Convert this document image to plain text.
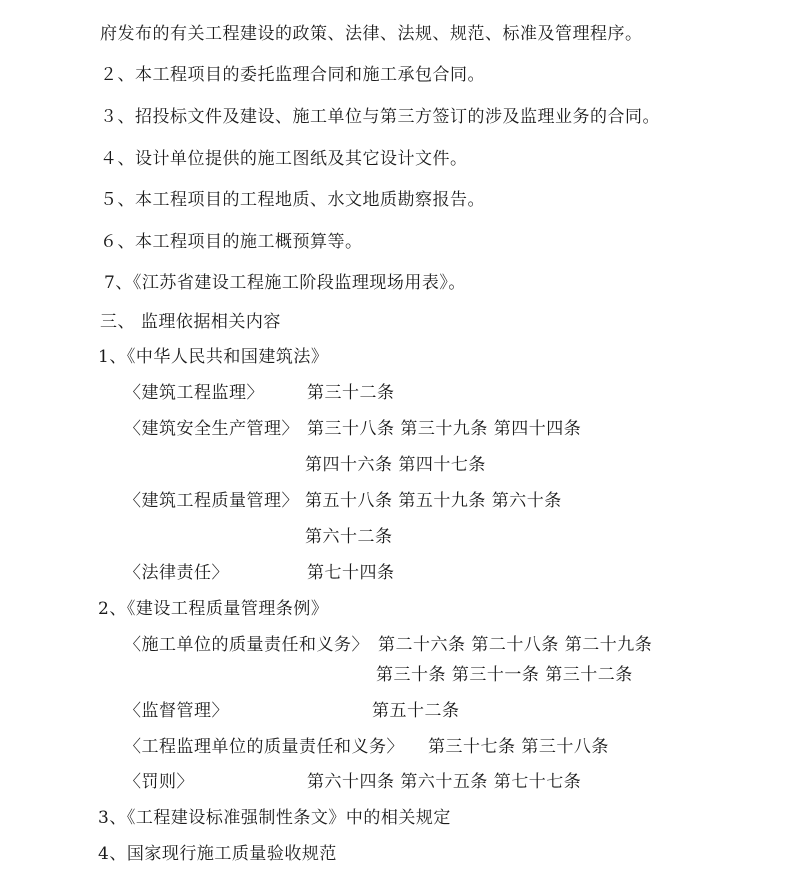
府发布的有关工程建设的政策、法律、法规、规范、标准及管理程序。
２、本工程项目的委托监理合同和施工承包合同。
３、招投标文件及建设、施工单位与第三方签订的涉及监理业务的合同。
４、设计单位提供的施工图纸及其它设计文件。
５、本工程项目的工程地质、水文地质勘察报告。
６、本工程项目的施工概预算等。
7、《江苏省建设工程施工阶段监理现场用表》。
三、 监理依据相关内容
1、《中华人民共和国建筑法》
〈建筑工程监理〉	第三十二条
〈建筑安全生产管理〉 第三十八条 第三十九条 第四十四条
第四十六条 第四十七条
〈建筑工程质量管理〉 第五十八条 第五十九条 第六十条
第六十二条
〈法律责任〉	第七十四条
2、《建设工程质量管理条例》
〈施工单位的质量责任和义务〉 第二十六条 第二十八条 第二十九条
第三十条 第三十一条 第三十二条
〈监督管理〉	第五十二条
〈工程监理单位的质量责任和义务〉 第三十七条 第三十八条
〈罚则〉	第六十四条 第六十五条 第七十七条
3、《工程建设标准强制性条文》中的相关规定
4、国家现行施工质量验收规范
